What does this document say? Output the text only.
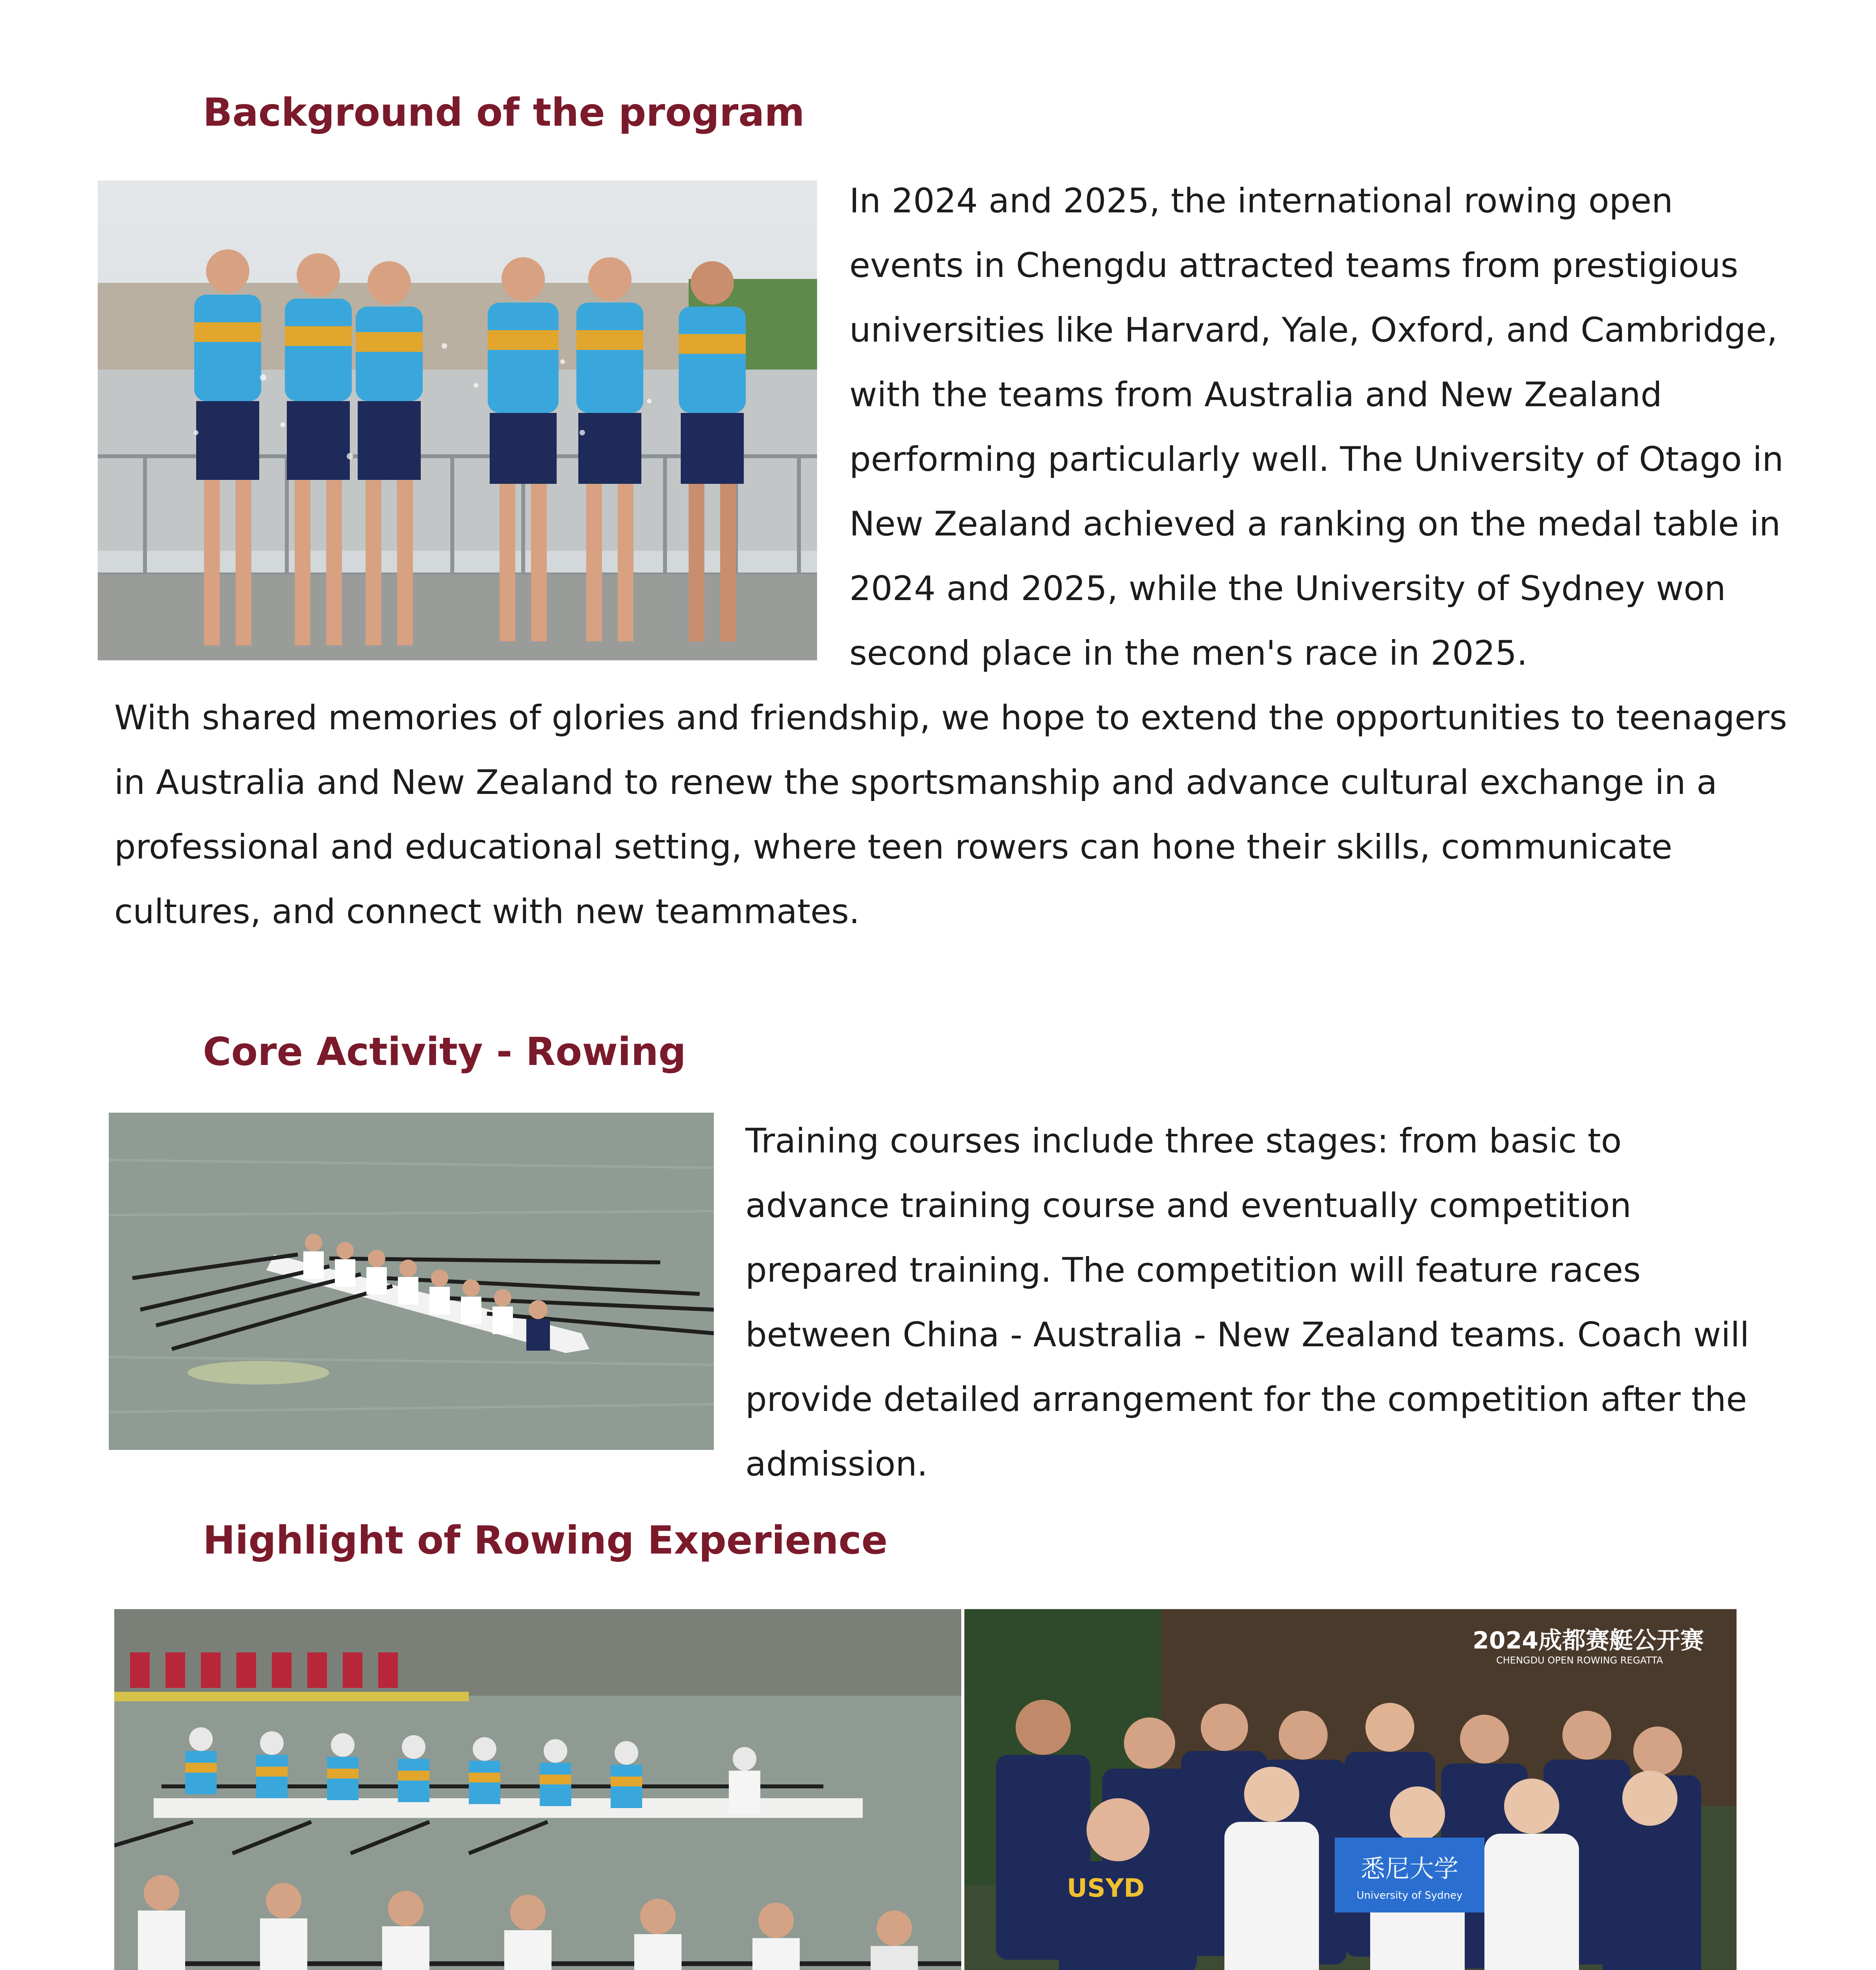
Background of the program

In 2024 and 2025, the international rowing open events in Chengdu attracted teams from prestigious universities like Harvard, Yale, Oxford, and Cambridge, with the teams from Australia and New Zealand performing particularly well. The University of Otago in New Zealand achieved a ranking on the medal table in 2024 and 2025, while the University of Sydney won second place in the men's race in 2025.

With shared memories of glories and friendship, we hope to extend the opportunities to teenagers in Australia and New Zealand to renew the sportsmanship and advance cultural exchange in a professional and educational setting, where teen rowers can hone their skills, communicate cultures, and connect with new teammates.

Core Activity - Rowing

Training courses include three stages: from basic to advance training course and eventually competition prepared training. The competition will feature races between China - Australia - New Zealand teams. Coach will provide detailed arrangement for the competition after the admission.

Highlight of Rowing Experience
2024成都赛艇公开赛
CHENGDU OPEN ROWING REGATTA
USYD
悉尼大学
University of Sydney
